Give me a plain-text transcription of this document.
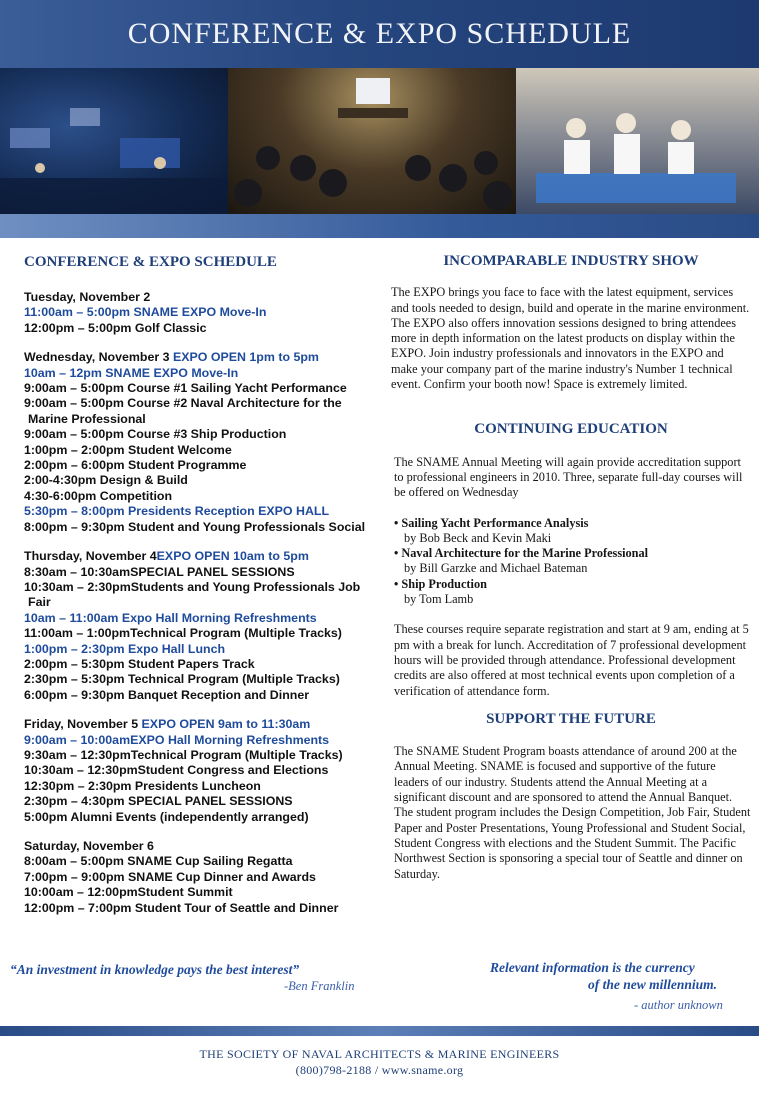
CONFERENCE & EXPO SCHEDULE
CONFERENCE & EXPO SCHEDULE
Tuesday, November 2
11:00am – 5:00pm SNAME EXPO Move-In
12:00pm – 5:00pm Golf Classic
Wednesday, November 3 EXPO OPEN 1pm to 5pm
10am – 12pm SNAME EXPO Move-In
9:00am – 5:00pm Course #1 Sailing Yacht Performance
9:00am – 5:00pm Course #2 Naval Architecture for the Marine Professional
9:00am – 5:00pm Course #3 Ship Production
1:00pm – 2:00pm Student Welcome
2:00pm – 6:00pm Student Programme
2:00-4:30pm Design & Build
4:30-6:00pm Competition
5:30pm – 8:00pm Presidents Reception EXPO HALL
8:00pm – 9:30pm Student and Young Professionals Social
Thursday, November 4EXPO OPEN 10am to 5pm
8:30am – 10:30amSPECIAL PANEL SESSIONS
10:30am – 2:30pmStudents and Young Professionals Job Fair
10am – 11:00am Expo Hall Morning Refreshments
11:00am – 1:00pmTechnical Program (Multiple Tracks)
1:00pm – 2:30pm Expo Hall Lunch
2:00pm – 5:30pm Student Papers Track
2:30pm – 5:30pm Technical Program (Multiple Tracks)
6:00pm – 9:30pm Banquet Reception and Dinner
Friday, November 5 EXPO OPEN 9am to 11:30am
9:00am – 10:00amEXPO Hall Morning Refreshments
9:30am – 12:30pmTechnical Program (Multiple Tracks)
10:30am – 12:30pmStudent Congress and Elections
12:30pm – 2:30pm Presidents Luncheon
2:30pm – 4:30pm SPECIAL PANEL SESSIONS
5:00pm Alumni Events (independently arranged)
Saturday, November 6
8:00am – 5:00pm SNAME Cup Sailing Regatta
7:00pm – 9:00pm SNAME Cup Dinner and Awards
10:00am – 12:00pmStudent Summit
12:00pm – 7:00pm Student Tour of Seattle and Dinner
“An investment in knowledge pays the best interest”
-Ben Franklin
INCOMPARABLE INDUSTRY SHOW

The EXPO brings you face to face with the latest equipment, services and tools needed to design, build and operate in the marine environment. The EXPO also offers innovation sessions designed to bring attendees more in depth information on the latest products on display within the EXPO. Join industry professionals and innovators in the EXPO and make your company part of the marine industry's Number 1 technical event. Confirm your booth now! Space is extremely limited.

CONTINUING EDUCATION

The SNAME Annual Meeting will again provide accreditation support to professional engineers in 2010. Three, separate full-day courses will be offered on Wednesday

• Sailing Yacht Performance Analysis
by Bob Beck and Kevin Maki
• Naval Architecture for the Marine Professional
by Bill Garzke and Michael Bateman
• Ship Production
by Tom Lamb

These courses require separate registration and start at 9 am, ending at 5 pm with a break for lunch. Accreditation of 7 professional development hours will be provided through attendance. Professional development credits are also offered at most technical events upon completion of a verification of attendance form.

SUPPORT THE FUTURE

The SNAME Student Program boasts attendance of around 200 at the Annual Meeting. SNAME is focused and supportive of the future leaders of our industry. Students attend the Annual Meeting at a significant discount and are sponsored to attend the Annual Banquet. The student program includes the Design Competition, Job Fair, Student Paper and Poster Presentations, Young Professional and Student Social, Student Congress with elections and the Student Summit. The Pacific Northwest Section is sponsoring a special tour of Seattle and dinner on Saturday.

Relevant information is the currency
of the new millennium.
- author unknown
THE SOCIETY OF NAVAL ARCHITECTS & MARINE ENGINEERS
(800)798-2188 / www.sname.org
